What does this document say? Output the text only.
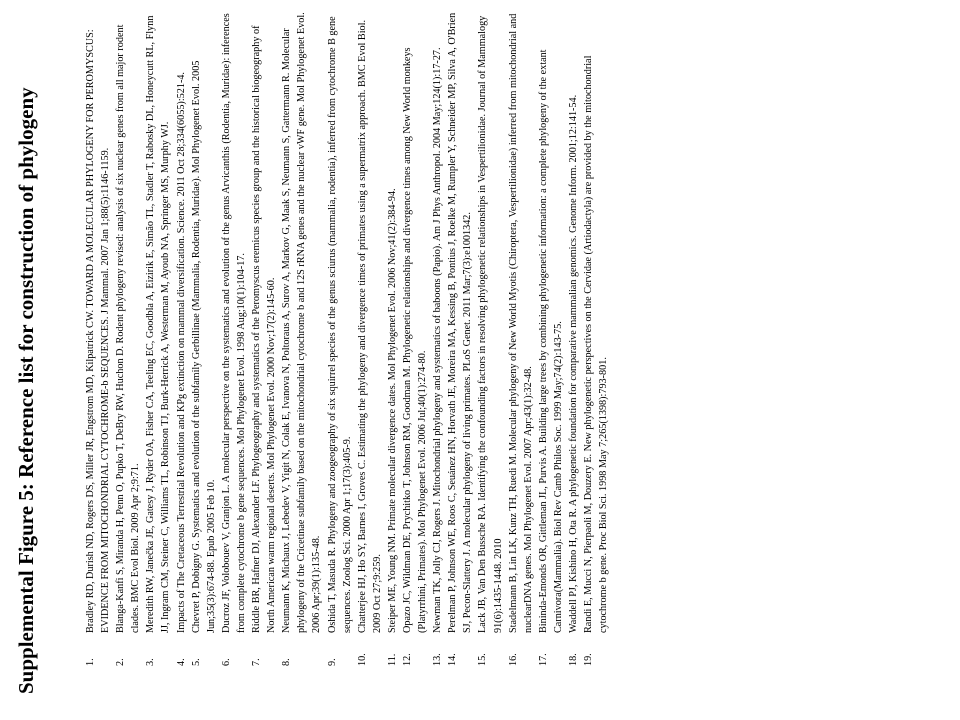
Supplemental Figure 5: Reference list for construction of phylogeny	1.
Bradley RD, Durish ND, Rogers DS, Miller JR, Engstrom MD, Kilpatrick CW. TOWARD A MOLECULAR PHYLOGENY FOR PEROMYSCUS: EVIDENCE FROM MITOCHONDRIAL CYTOCHROME-b SEQUENCES. J Mammal. 2007 Jan 1;88(5):1146-1159.
2.
Blanga-Kanfi S, Miranda H, Penn O, Pupko T, DeBry RW, Huchon D. Rodent phylogeny revised: analysis of six nuclear genes from all major rodent clades. BMC Evol Biol. 2009 Apr 2;9:71.
3.
Meredith RW, Janečka JE, Gatesy J, Ryder OA, Fisher CA, Teeling EC, Goodbla A, Eizirik E, Simão TL, Stadler T, Rabosky DL, Honeycutt RL, Flynn JJ, Ingram CM, Steiner C, Williams TL, Robinson TJ, Burk-Herrick A, Westerman M, Ayoub NA, Springer MS, Murphy WJ.
4.
Impacts of The Cretaceous Terrestrial Revolution and KPg extinction on mammal diversification. Science. 2011 Oct 28;334(6055):521-4.
5.
Chevret P, Dobigny G. Systematics and evolution of the subfamily Gerbillinae (Mammalia, Rodentia, Muridae). Mol Phylogenet Evol. 2005 Jun;35(3):674-88. Epub 2005 Feb 10.
6.
Ducroz JF, Volobouev V, Granjon L. A molecular perspective on the systematics and evolution of the genus Arvicanthis (Rodentia, Muridae): inferences from complete cytochrome b gene sequences. Mol Phylogenet Evol. 1998 Aug;10(1):104-17.
7.
Riddle BR, Hafner DJ, Alexander LF. Phylogeography and systematics of the Peromyscus eremicus species group and the historical biogeography of North American warm regional deserts. Mol Phylogenet Evol. 2000 Nov;17(2):145-60.
8.
Neumann K, Michaux J, Lebedev V, Yigit N, Colak E, Ivanova N, Poltoraus A, Surov A, Markov G, Maak S, Neumann S, Gattermann R. Molecular phylogeny of the Cricetinae subfamily based on the mitochondrial cytochrome b and 12S rRNA genes and the nuclear vWF gene. Mol Phylogenet Evol. 2006 Apr;39(1):135-48.
9.
Oshida T, Masuda R. Phylogeny and zoogeography of six squirrel species of the genus sciurus (mammalia, rodentia), inferred from cytochrome B gene sequences. Zoolog Sci. 2000 Apr 1;17(3):405-9.
10.
Chatterjee HJ, Ho SY, Barnes I, Groves C. Estimating the phylogeny and divergence times of primates using a supermatrix approach. BMC Evol Biol. 2009 Oct 27;9:259.
11.
Steiper ME, Young NM. Primate molecular divergence dates. Mol Phylogenet Evol. 2006 Nov;41(2):384-94.
12.
Opazo JC, Wildman DE, Prychitko T, Johnson RM, Goodman M. Phylogenetic relationships and divergence times among New World monkeys (Platyrrhini, Primates). Mol Phylogenet Evol. 2006 Jul;40(1):274-80.
13.
Newman TK, Jolly CJ, Rogers J. Mitochondrial phylogeny and systematics of baboons (Papio). Am J Phys Anthropol. 2004 May;124(1):17-27.
14.
Perelman P, Johnson WE, Roos C, Seuánez HN, Horvath JE, Moreira MA, Kessing B, Pontius J, Roelke M, Rumpler Y, Schneider MP, Silva A, O'Brien SJ, Pecon-Slattery J. A molecular phylogeny of living primates. PLoS Genet. 2011 Mar;7(3):e1001342.
15.
Lack JB, Van Den Bussche RA. Identifying the confounding factors in resolving phylogenetic relationships in Vespertilionidae. Journal of Mammalogy 91(6):1435-1448. 2010
16.
Stadelmann B, Lin LK, Kunz TH, Ruedi M. Molecular phylogeny of New World Myotis (Chiroptera, Vespertilionidae) inferred from mitochondrial and nuclearDNA genes. Mol Phylogenet Evol. 2007 Apr;43(1):32-48.
17.
Bininda-Emonds OR, Gittleman JL, Purvis A. Building large trees by combining phylogenetic information: a complete phylogeny of the extant Carnivora(Mammalia). Biol Rev Camb Philos Soc. 1999 May;74(2):143-75.
18.
Waddell PJ, Kishino H, Ota R. A phylogenetic foundation for comparative mammalian genomics. Genome Inform. 2001;12:141-54.
19.
Randi E, Mucci N, Pierpaoli M, Douzery E. New phylogenetic perspectives on the Cervidae (Artiodactyla) are provided by the mitochondrial cytochrome b gene. Proc Biol Sci. 1998 May 7;265(1398):793-801.
